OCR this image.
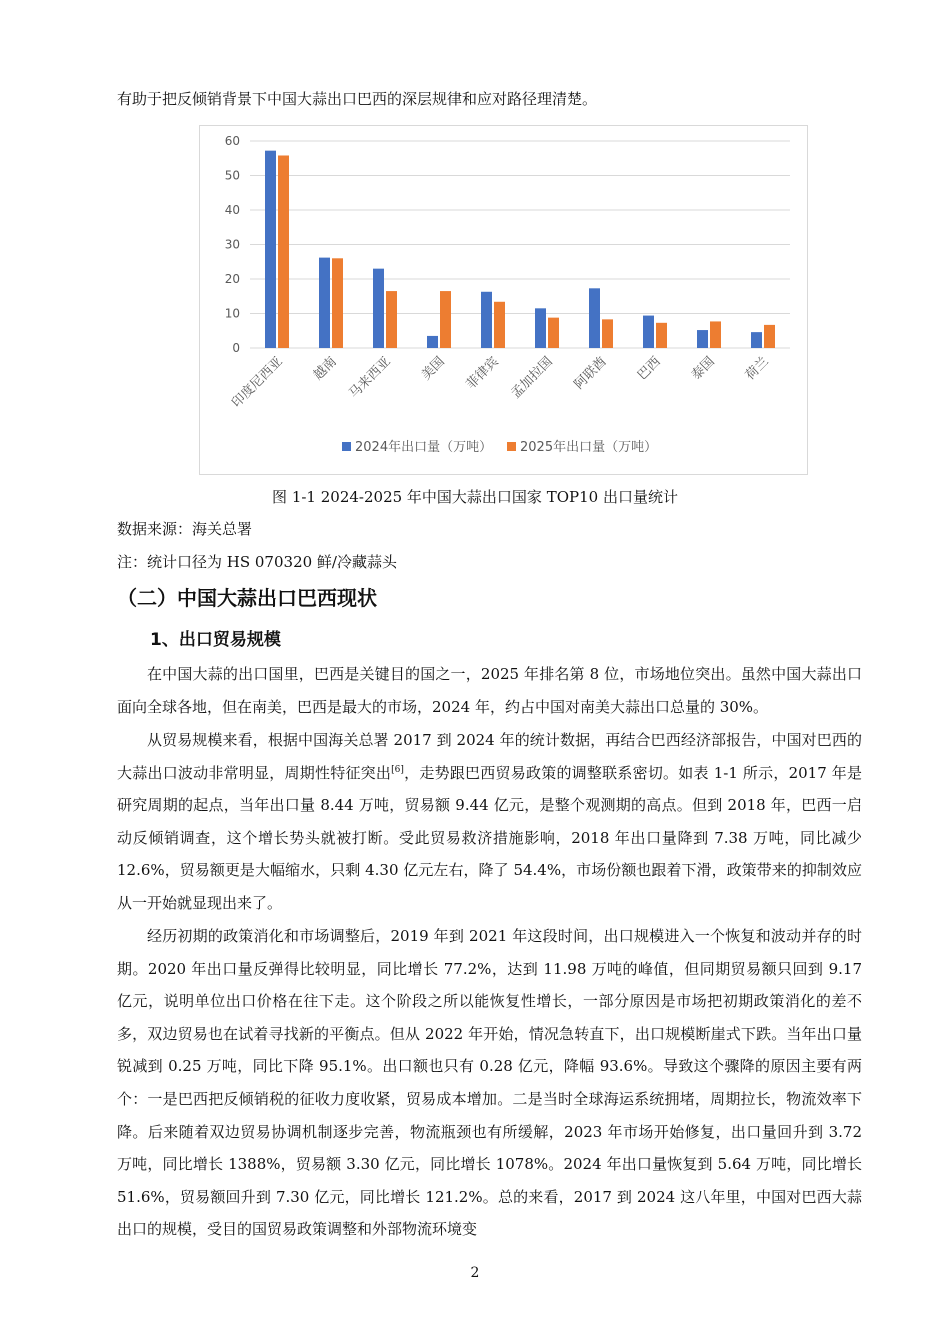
有助于把反倾销背景下中国大蒜出口巴西的深层规律和应对路径理清楚。
0
10
20
30
40
50
60
印度尼西亚 越南 马来西亚 美国 菲律宾 孟加拉国 阿联酋 巴西 泰国 荷兰
2024年出口量（万吨） 2025年出口量（万吨）
图 1-1 2024-2025 年中国大蒜出口国家 TOP10 出口量统计
数据来源：海关总署
注：统计口径为 HS 070320 鲜/冷藏蒜头
（二）中国大蒜出口巴西现状
1、出口贸易规模
在中国大蒜的出口国里，巴西是关键目的国之一，2025 年排名第 8 位，市场地位突出。虽然中国大蒜出口面向全球各地，但在南美，巴西是最大的市场，2024 年，约占中国对南美大蒜出口总量的 30%。
从贸易规模来看，根据中国海关总署 2017 到 2024 年的统计数据，再结合巴西经济部报告，中国对巴西的大蒜出口波动非常明显，周期性特征突出[6]，走势跟巴西贸易政策的调整联系密切。如表 1-1 所示，2017 年是研究周期的起点，当年出口量 8.44 万吨，贸易额 9.44 亿元，是整个观测期的高点。但到 2018 年，巴西一启动反倾销调查，这个增长势头就被打断。受此贸易救济措施影响，2018 年出口量降到 7.38 万吨，同比减少 12.6%，贸易额更是大幅缩水，只剩 4.30 亿元左右，降了 54.4%，市场份额也跟着下滑，政策带来的抑制效应从一开始就显现出来了。
经历初期的政策消化和市场调整后，2019 年到 2021 年这段时间，出口规模进入一个恢复和波动并存的时期。2020 年出口量反弹得比较明显，同比增长 77.2%，达到 11.98 万吨的峰值，但同期贸易额只回到 9.17 亿元，说明单位出口价格在往下走。这个阶段之所以能恢复性增长，一部分原因是市场把初期政策消化的差不多，双边贸易也在试着寻找新的平衡点。但从 2022 年开始，情况急转直下，出口规模断崖式下跌。当年出口量锐减到 0.25 万吨，同比下降 95.1%。出口额也只有 0.28 亿元，降幅 93.6%。导致这个骤降的原因主要有两个：一是巴西把反倾销税的征收力度收紧，贸易成本增加。二是当时全球海运系统拥堵，周期拉长，物流效率下降。后来随着双边贸易协调机制逐步完善，物流瓶颈也有所缓解，2023 年市场开始修复，出口量回升到 3.72 万吨，同比增长 1388%，贸易额 3.30 亿元，同比增长 1078%。2024 年出口量恢复到 5.64 万吨，同比增长 51.6%，贸易额回升到 7.30 亿元，同比增长 121.2%。总的来看，2017 到 2024 这八年里，中国对巴西大蒜出口的规模，受目的国贸易政策调整和外部物流环境变
2
